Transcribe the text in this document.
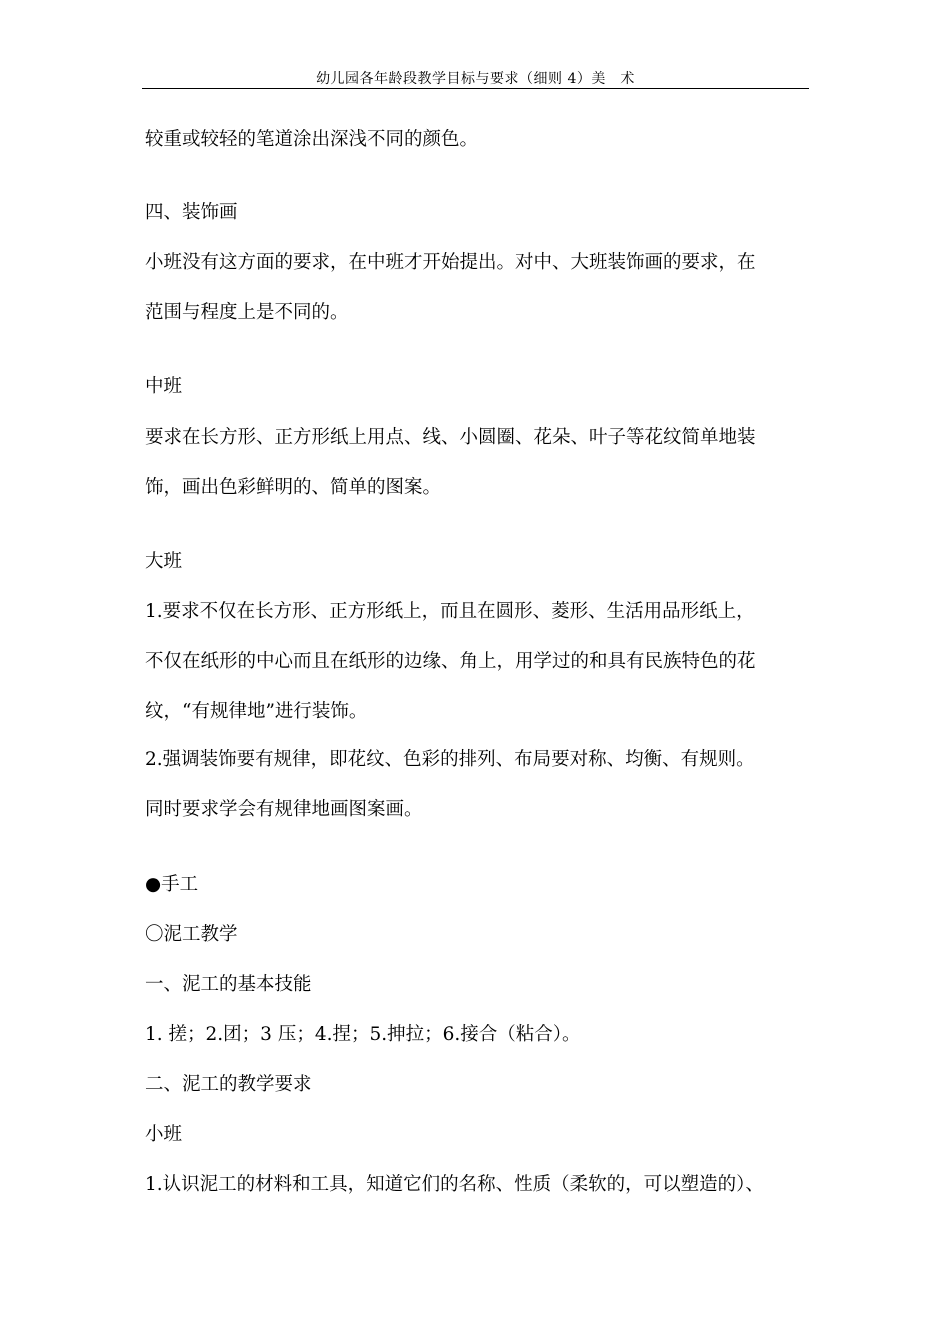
幼儿园各年龄段教学目标与要求（细则 4）美　术
较重或较轻的笔道涂出深浅不同的颜色。
四、装饰画
小班没有这方面的要求，在中班才开始提出。对中、大班装饰画的要求，在
范围与程度上是不同的。
中班
要求在长方形、正方形纸上用点、线、小圆圈、花朵、叶子等花纹简单地装
饰，画出色彩鲜明的、简单的图案。
大班
1.要求不仅在长方形、正方形纸上，而且在圆形、菱形、生活用品形纸上，
不仅在纸形的中心而且在纸形的边缘、角上，用学过的和具有民族特色的花
纹，“有规律地”进行装饰。
2.强调装饰要有规律，即花纹、色彩的排列、布局要对称、均衡、有规则。
同时要求学会有规律地画图案画。
●手工
〇泥工教学
一、泥工的基本技能
1. 搓；2.团；3 压；4.捏；5.抻拉；6.接合（粘合）。
二、泥工的教学要求
小班
1.认识泥工的材料和工具，知道它们的名称、性质（柔软的，可以塑造的）、
